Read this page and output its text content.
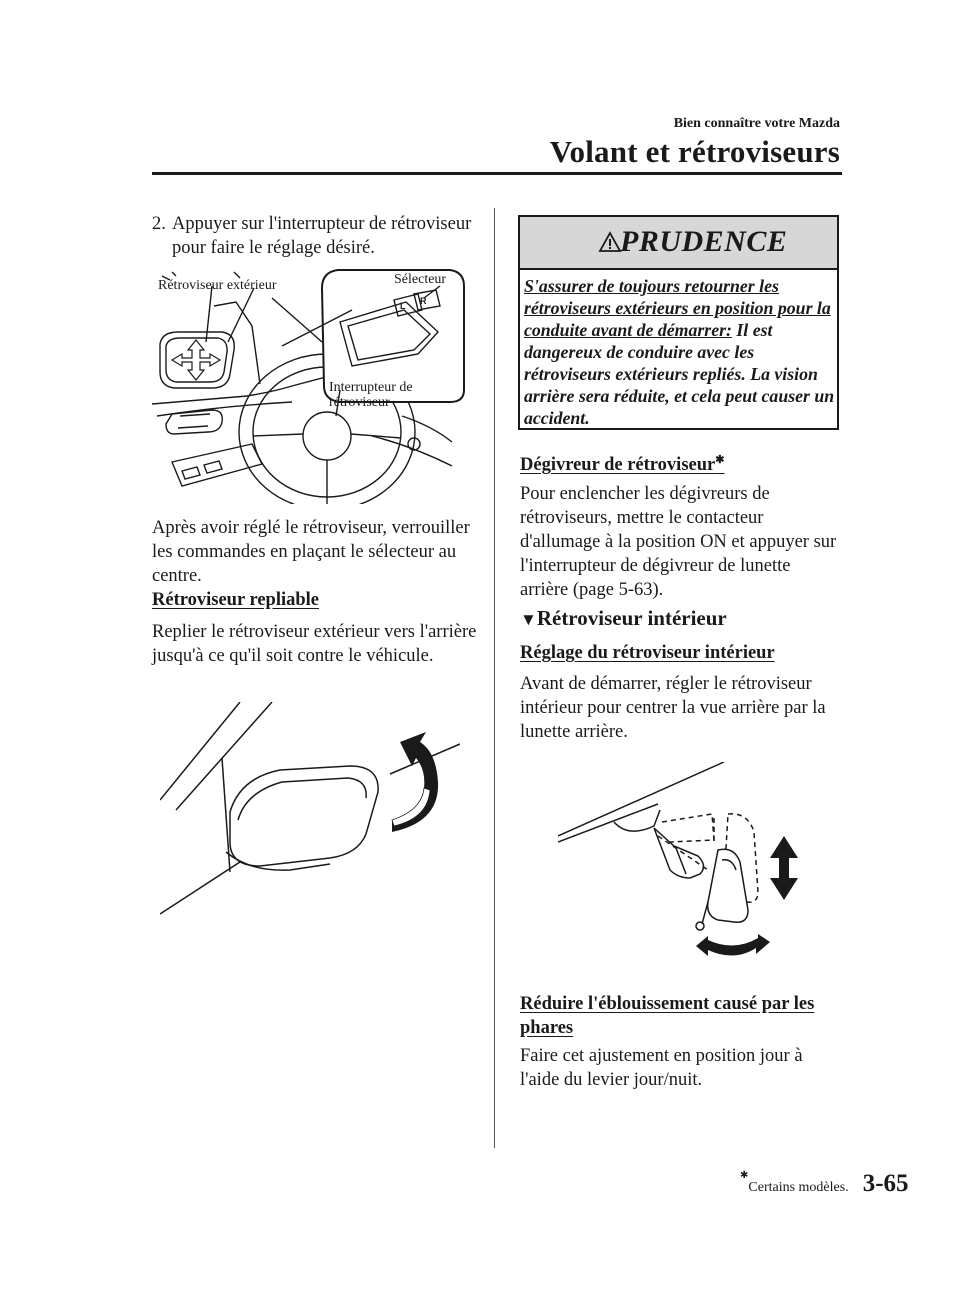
Bien connaître votre Mazda
Volant et rétroviseurs
2. Appuyer sur l'interrupteur de rétroviseur pour faire le réglage désiré.
L R
Rétroviseur extérieur	Sélecteur
Interrupteur de
rétroviseur
Après avoir réglé le rétroviseur, verrouiller les commandes en plaçant le sélecteur au centre.
Rétroviseur repliable
Replier le rétroviseur extérieur vers l'arrière jusqu'à ce qu'il soit contre le véhicule.
PRUDENCE
S'assurer de toujours retourner les rétroviseurs extérieurs en position pour la conduite avant de démarrer: Il est dangereux de conduire avec les rétroviseurs extérieurs repliés. La vision arrière sera réduite, et cela peut causer un accident.
Dégivreur de rétroviseur✱
Pour enclencher les dégivreurs de rétroviseurs, mettre le contacteur d'allumage à la position ON et appuyer sur l'interrupteur de dégivreur de lunette arrière (page 5-63).
▼Rétroviseur intérieur
Réglage du rétroviseur intérieur
Avant de démarrer, régler le rétroviseur intérieur pour centrer la vue arrière par la lunette arrière.
Réduire l'éblouissement causé par les phares
Faire cet ajustement en position jour à l'aide du levier jour/nuit.
✱Certains modèles. 3-65
